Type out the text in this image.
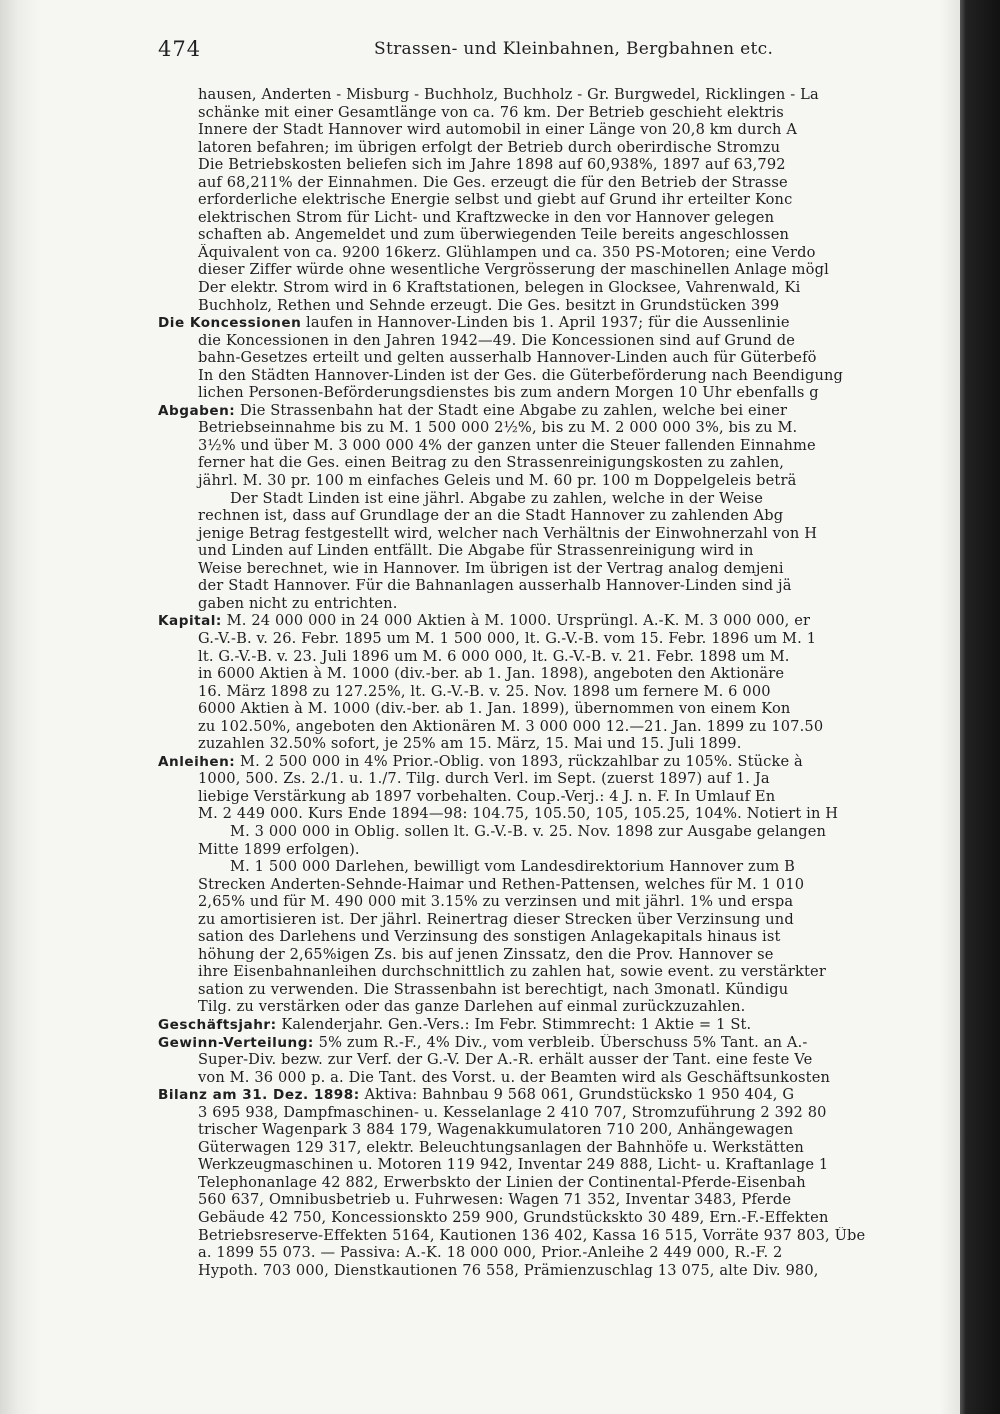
474	Strassen- und Kleinbahnen, Bergbahnen etc.
hausen, Anderten - Misburg - Buchholz, Buchholz - Gr. Burgwedel, Ricklingen - La
schänke mit einer Gesamtlänge von ca. 76 km. Der Betrieb geschieht elektris
Innere der Stadt Hannover wird automobil in einer Länge von 20,8 km durch A
latoren befahren; im übrigen erfolgt der Betrieb durch oberirdische Stromzu
Die Betriebskosten beliefen sich im Jahre 1898 auf 60,938%, 1897 auf 63,792
auf 68,211% der Einnahmen. Die Ges. erzeugt die für den Betrieb der Strasse
erforderliche elektrische Energie selbst und giebt auf Grund ihr erteilter Konc
elektrischen Strom für Licht- und Kraftzwecke in den vor Hannover gelegen
schaften ab. Angemeldet und zum überwiegenden Teile bereits angeschlossen
Äquivalent von ca. 9200 16kerz. Glühlampen und ca. 350 PS-Motoren; eine Verdo
dieser Ziffer würde ohne wesentliche Vergrösserung der maschinellen Anlage mögl
Der elektr. Strom wird in 6 Kraftstationen, belegen in Glocksee, Vahrenwald, Ki
Buchholz, Rethen und Sehnde erzeugt. Die Ges. besitzt in Grundstücken 399
Die Koncessionen laufen in Hannover-Linden bis 1. April 1937; für die Aussenlinie
die Koncessionen in den Jahren 1942—49. Die Koncessionen sind auf Grund de
bahn-Gesetzes erteilt und gelten ausserhalb Hannover-Linden auch für Güterbefö
In den Städten Hannover-Linden ist der Ges. die Güterbeförderung nach Beendigung
lichen Personen-Beförderungsdienstes bis zum andern Morgen 10 Uhr ebenfalls g
Abgaben: Die Strassenbahn hat der Stadt eine Abgabe zu zahlen, welche bei einer
Betriebseinnahme bis zu M. 1 500 000 2½%, bis zu M. 2 000 000 3%, bis zu M.
3½% und über M. 3 000 000 4% der ganzen unter die Steuer fallenden Einnahme
ferner hat die Ges. einen Beitrag zu den Strassenreinigungskosten zu zahlen,
jährl. M. 30 pr. 100 m einfaches Geleis und M. 60 pr. 100 m Doppelgeleis beträ
Der Stadt Linden ist eine jährl. Abgabe zu zahlen, welche in der Weise
rechnen ist, dass auf Grundlage der an die Stadt Hannover zu zahlenden Abg
jenige Betrag festgestellt wird, welcher nach Verhältnis der Einwohnerzahl von H
und Linden auf Linden entfällt. Die Abgabe für Strassenreinigung wird in
Weise berechnet, wie in Hannover. Im übrigen ist der Vertrag analog demjeni
der Stadt Hannover. Für die Bahnanlagen ausserhalb Hannover-Linden sind jä
gaben nicht zu entrichten.
Kapital: M. 24 000 000 in 24 000 Aktien à M. 1000. Ursprüngl. A.-K. M. 3 000 000, er
G.-V.-B. v. 26. Febr. 1895 um M. 1 500 000, lt. G.-V.-B. vom 15. Febr. 1896 um M. 1
lt. G.-V.-B. v. 23. Juli 1896 um M. 6 000 000, lt. G.-V.-B. v. 21. Febr. 1898 um M.
in 6000 Aktien à M. 1000 (div.-ber. ab 1. Jan. 1898), angeboten den Aktionäre
16. März 1898 zu 127.25%, lt. G.-V.-B. v. 25. Nov. 1898 um fernere M. 6 000
6000 Aktien à M. 1000 (div.-ber. ab 1. Jan. 1899), übernommen von einem Kon
zu 102.50%, angeboten den Aktionären M. 3 000 000 12.—21. Jan. 1899 zu 107.50
zuzahlen 32.50% sofort, je 25% am 15. März, 15. Mai und 15. Juli 1899.
Anleihen: M. 2 500 000 in 4% Prior.-Oblig. von 1893, rückzahlbar zu 105%. Stücke à
1000, 500. Zs. 2./1. u. 1./7. Tilg. durch Verl. im Sept. (zuerst 1897) auf 1. Ja
liebige Verstärkung ab 1897 vorbehalten. Coup.-Verj.: 4 J. n. F. In Umlauf En
M. 2 449 000. Kurs Ende 1894—98: 104.75, 105.50, 105, 105.25, 104%. Notiert in H
M. 3 000 000 in Oblig. sollen lt. G.-V.-B. v. 25. Nov. 1898 zur Ausgabe gelangen
Mitte 1899 erfolgen).
M. 1 500 000 Darlehen, bewilligt vom Landesdirektorium Hannover zum B
Strecken Anderten-Sehnde-Haimar und Rethen-Pattensen, welches für M. 1 010
2,65% und für M. 490 000 mit 3.15% zu verzinsen und mit jährl. 1% und erspa
zu amortisieren ist. Der jährl. Reinertrag dieser Strecken über Verzinsung und
sation des Darlehens und Verzinsung des sonstigen Anlagekapitals hinaus ist
höhung der 2,65%igen Zs. bis auf jenen Zinssatz, den die Prov. Hannover se
ihre Eisenbahnanleihen durchschnittlich zu zahlen hat, sowie event. zu verstärkter
sation zu verwenden. Die Strassenbahn ist berechtigt, nach 3monatl. Kündigu
Tilg. zu verstärken oder das ganze Darlehen auf einmal zurückzuzahlen.
Geschäftsjahr: Kalenderjahr. Gen.-Vers.: Im Febr. Stimmrecht: 1 Aktie = 1 St.
Gewinn-Verteilung: 5% zum R.-F., 4% Div., vom verbleib. Überschuss 5% Tant. an A.-
Super-Div. bezw. zur Verf. der G.-V. Der A.-R. erhält ausser der Tant. eine feste Ve
von M. 36 000 p. a. Die Tant. des Vorst. u. der Beamten wird als Geschäftsunkosten
Bilanz am 31. Dez. 1898: Aktiva: Bahnbau 9 568 061, Grundstücksko 1 950 404, G
3 695 938, Dampfmaschinen- u. Kesselanlage 2 410 707, Stromzuführung 2 392 80
trischer Wagenpark 3 884 179, Wagenakkumulatoren 710 200, Anhängewagen
Güterwagen 129 317, elektr. Beleuchtungsanlagen der Bahnhöfe u. Werkstätten
Werkzeugmaschinen u. Motoren 119 942, Inventar 249 888, Licht- u. Kraftanlage 1
Telephonanlage 42 882, Erwerbskto der Linien der Continental-Pferde-Eisenbah
560 637, Omnibusbetrieb u. Fuhrwesen: Wagen 71 352, Inventar 3483, Pferde
Gebäude 42 750, Koncessionskto 259 900, Grundstückskto 30 489, Ern.-F.-Effekten
Betriebsreserve-Effekten 5164, Kautionen 136 402, Kassa 16 515, Vorräte 937 803, Übe
a. 1899 55 073. — Passiva: A.-K. 18 000 000, Prior.-Anleihe 2 449 000, R.-F. 2
Hypoth. 703 000, Dienstkautionen 76 558, Prämienzuschlag 13 075, alte Div. 980,
